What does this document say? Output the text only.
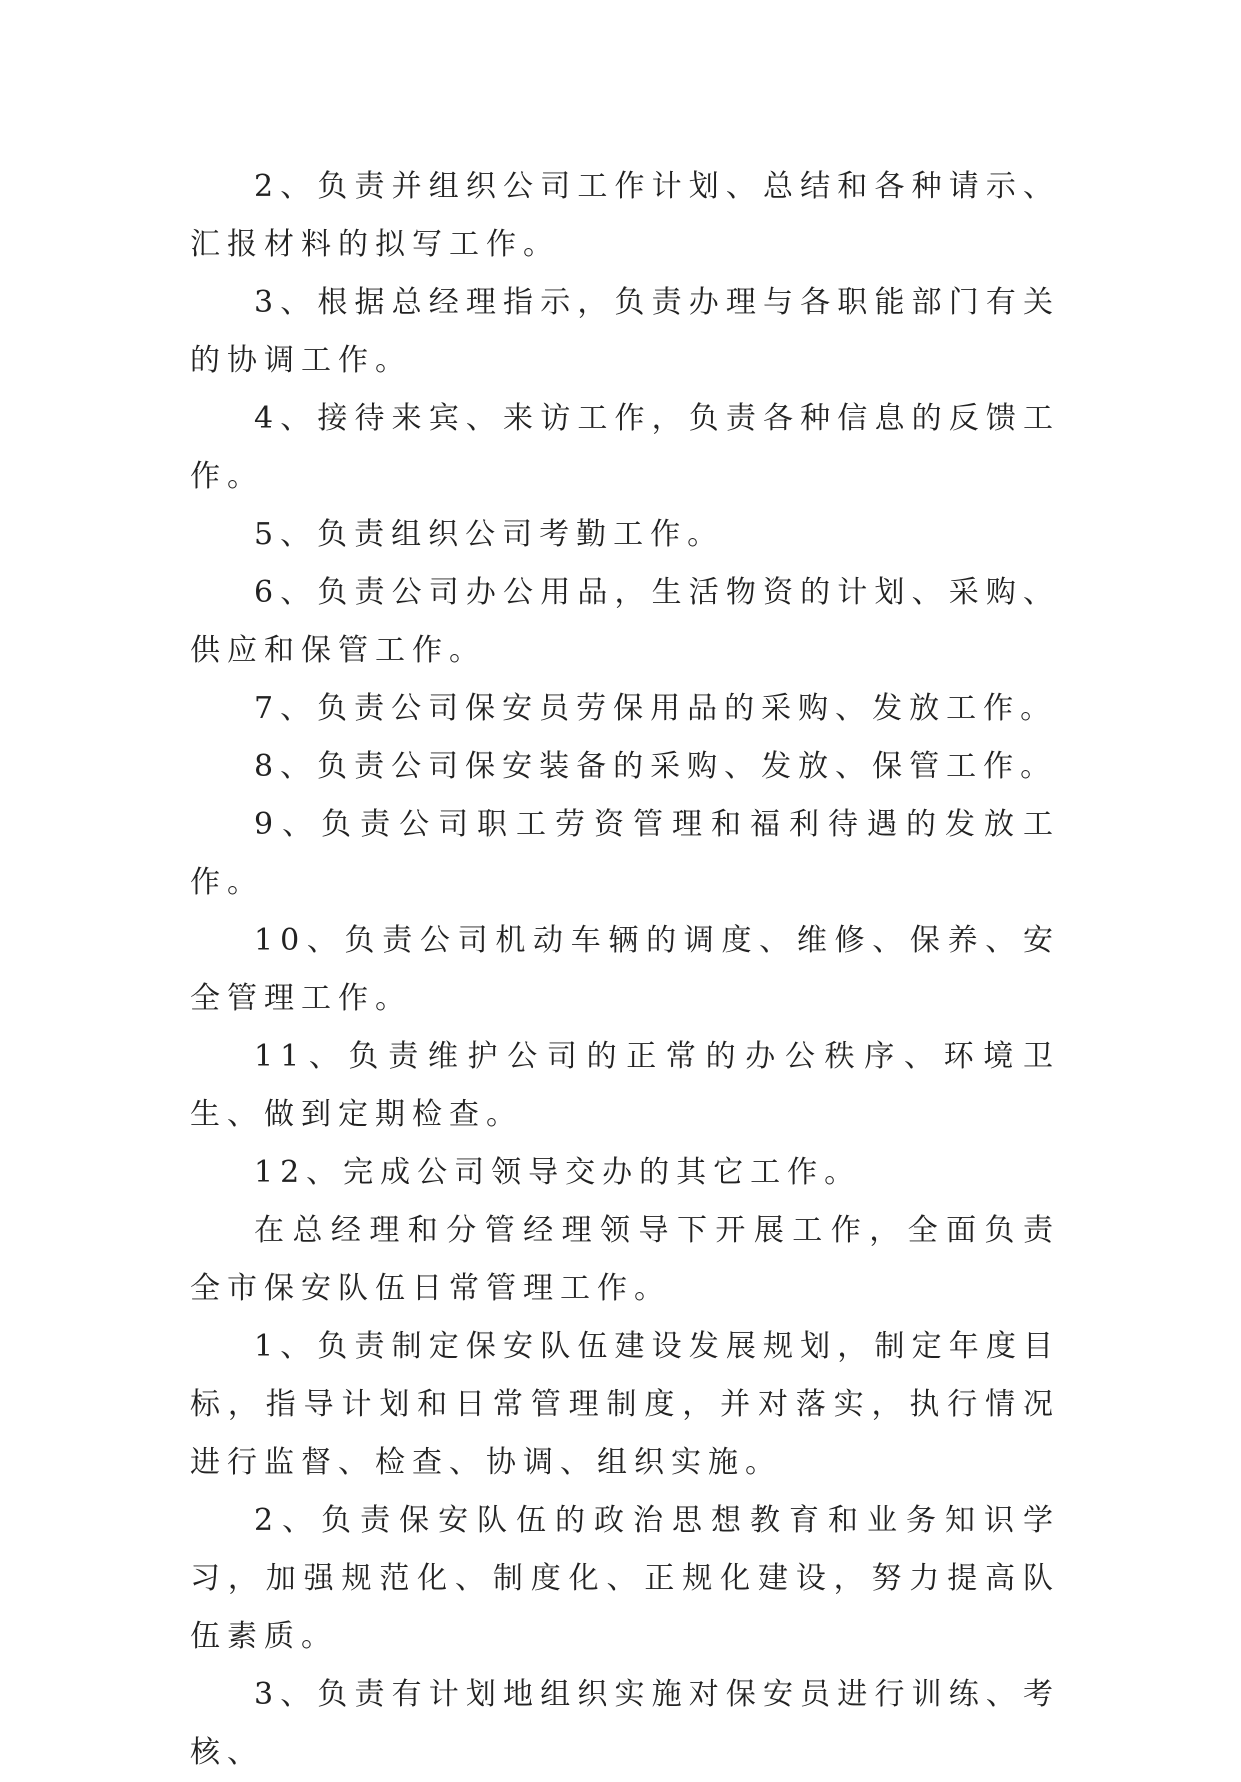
2、负责并组织公司工作计划、总结和各种请示、汇报材料的拟写工作。

3、根据总经理指示，负责办理与各职能部门有关的协调工作。

4、接待来宾、来访工作，负责各种信息的反馈工作。

5、负责组织公司考勤工作。

6、负责公司办公用品，生活物资的计划、采购、供应和保管工作。

7、负责公司保安员劳保用品的采购、发放工作。

8、负责公司保安装备的采购、发放、保管工作。

9、负责公司职工劳资管理和福利待遇的发放工作。

10、负责公司机动车辆的调度、维修、保养、安全管理工作。

11、负责维护公司的正常的办公秩序、环境卫生、做到定期检查。

12、完成公司领导交办的其它工作。

在总经理和分管经理领导下开展工作，全面负责全市保安队伍日常管理工作。

1、负责制定保安队伍建设发展规划，制定年度目标，指导计划和日常管理制度，并对落实，执行情况进行监督、检查、协调、组织实施。

2、负责保安队伍的政治思想教育和业务知识学习，加强规范化、制度化、正规化建设，努力提高队伍素质。

3、负责有计划地组织实施对保安员进行训练、考核、
